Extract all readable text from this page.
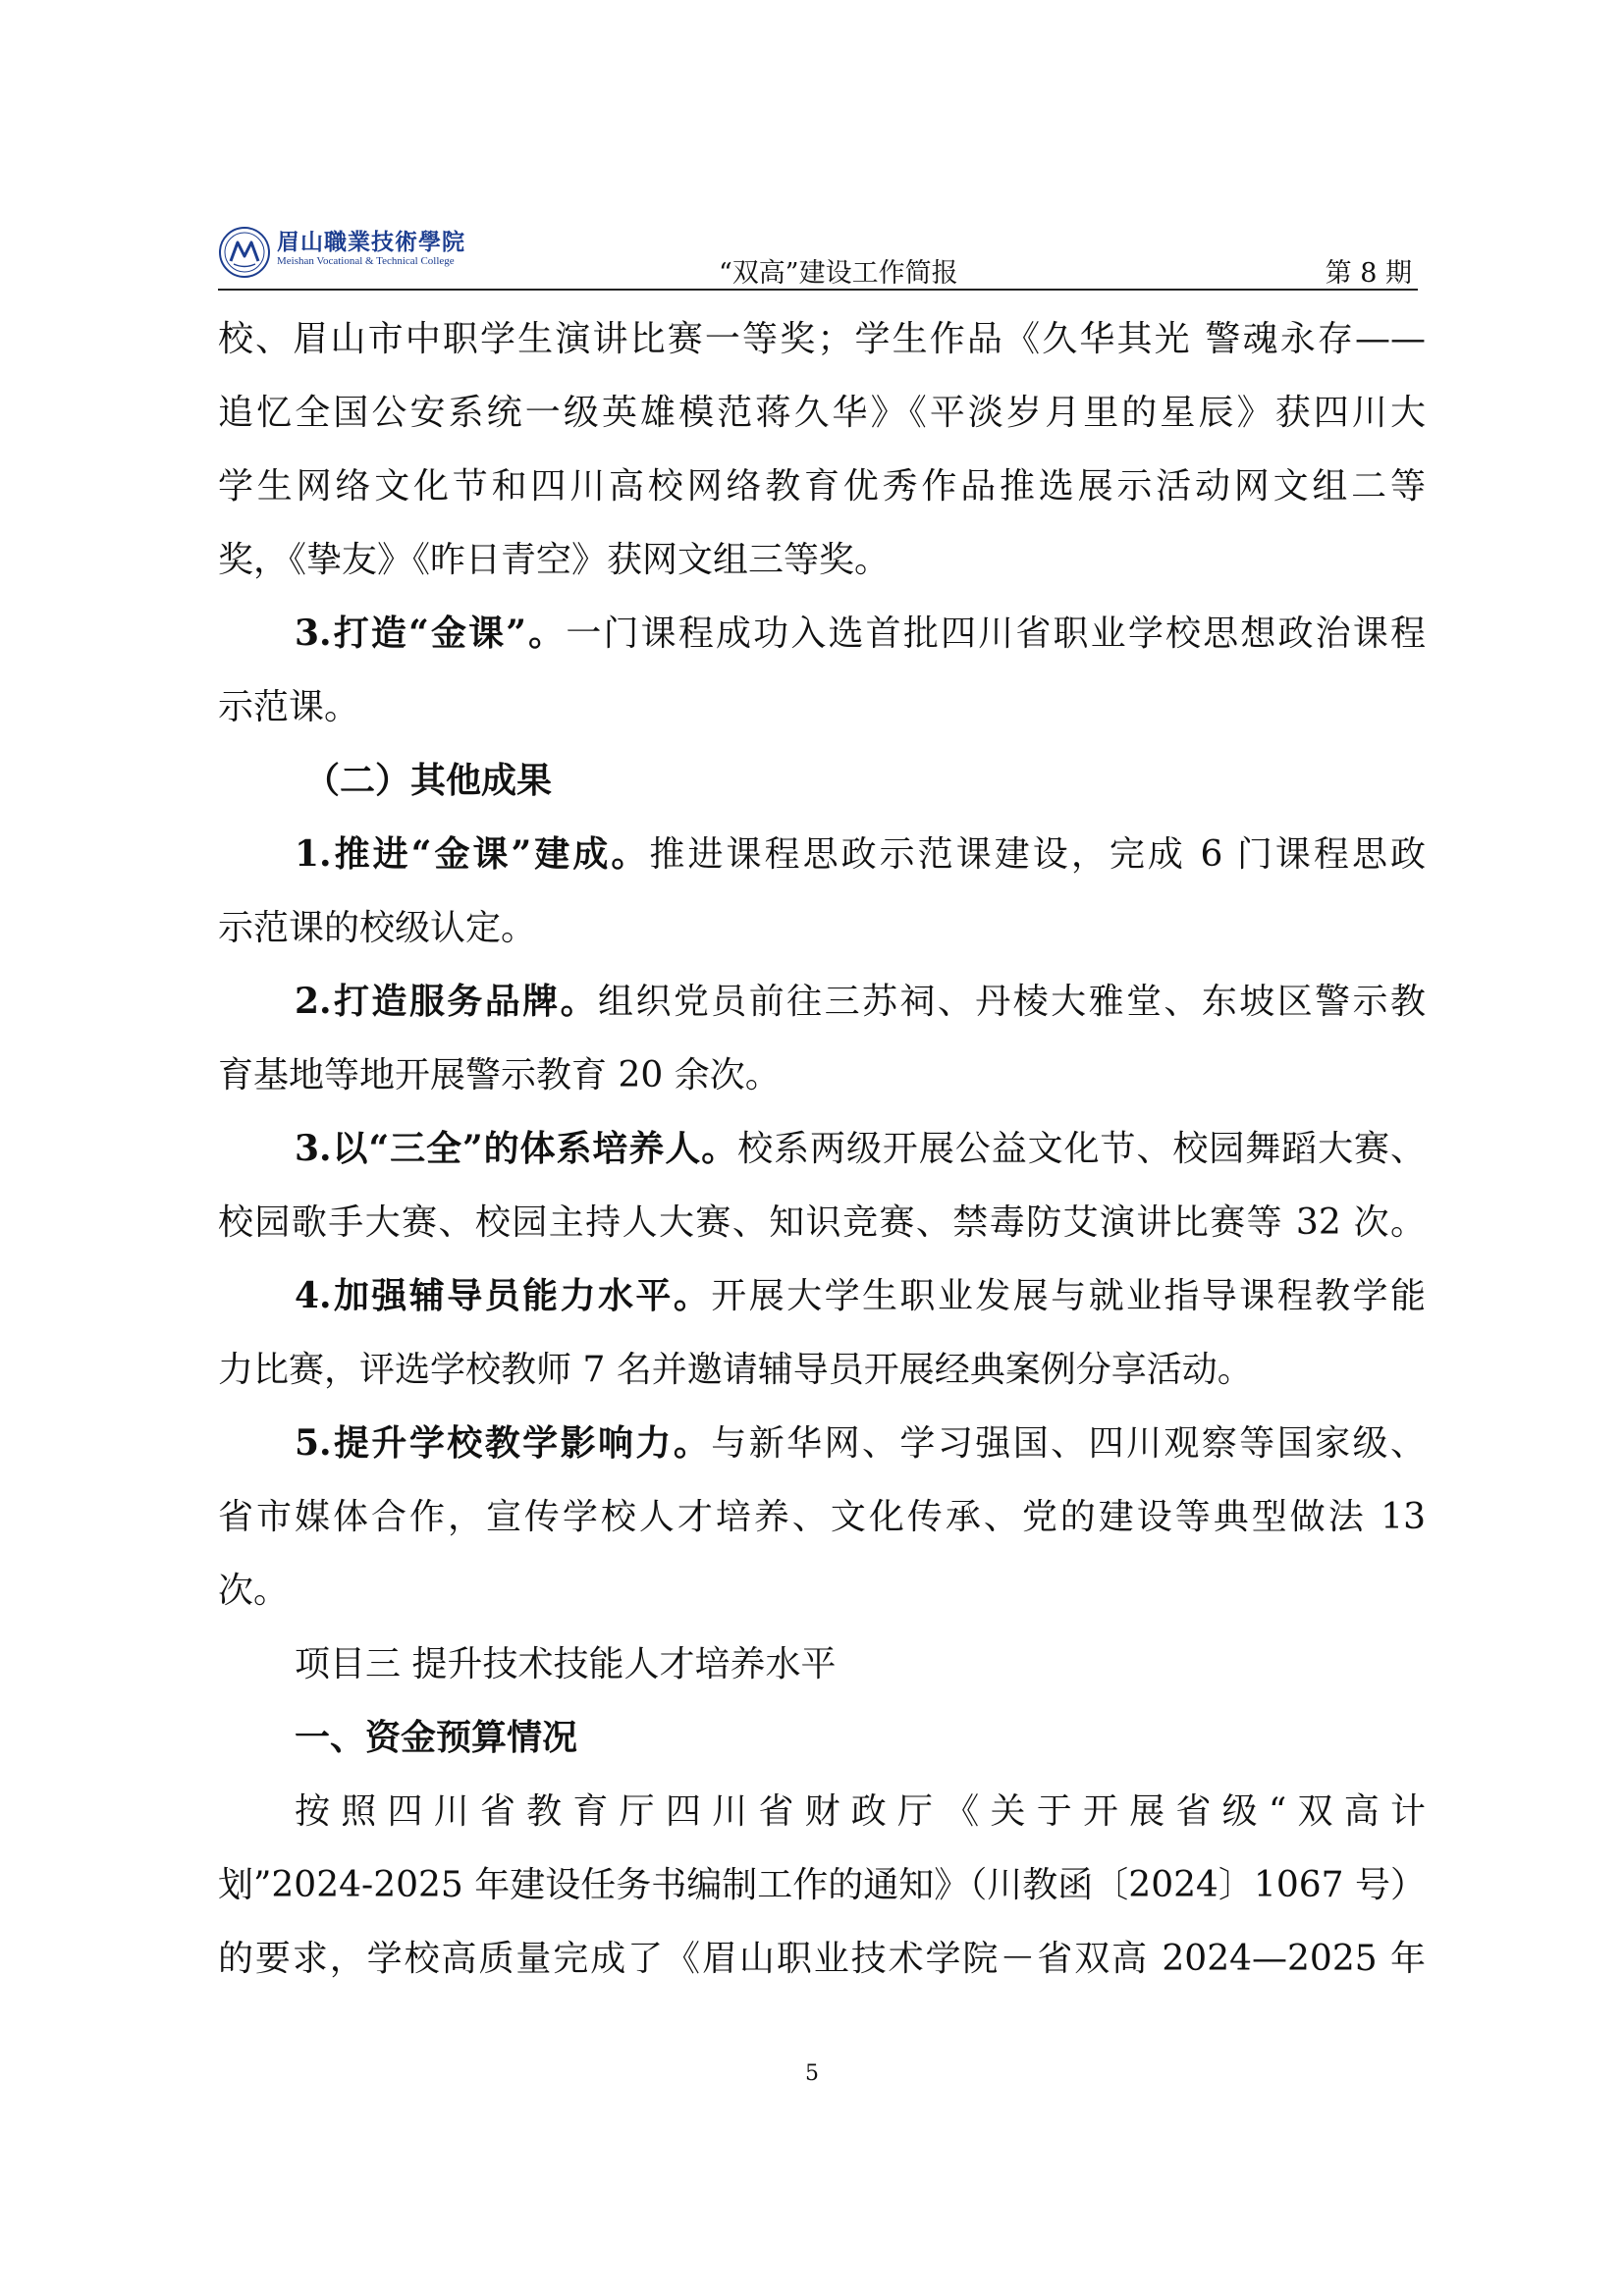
眉山職業技術學院
Meishan Vocational & Technical College	“双高”建设工作简报	第 8 期
校、眉山市中职学生演讲比赛一等奖；学生作品《久华其光 警魂永存——
追忆全国公安系统一级英雄模范蒋久华》《平淡岁月里的星辰》获四川大
学生网络文化节和四川高校网络教育优秀作品推选展示活动网文组二等
奖，《挚友》《昨日青空》获网文组三等奖。
3.打造“金课”。一门课程成功入选首批四川省职业学校思想政治课程
示范课。
（二）其他成果
1.推进“金课”建成。推进课程思政示范课建设，完成 6 门课程思政
示范课的校级认定。
2.打造服务品牌。组织党员前往三苏祠、丹棱大雅堂、东坡区警示教
育基地等地开展警示教育 20 余次。
3.以“三全”的体系培养人。校系两级开展公益文化节、校园舞蹈大赛、
校园歌手大赛、校园主持人大赛、知识竞赛、禁毒防艾演讲比赛等 32 次。
4.加强辅导员能力水平。开展大学生职业发展与就业指导课程教学能
力比赛，评选学校教师 7 名并邀请辅导员开展经典案例分享活动。
5.提升学校教学影响力。与新华网、学习强国、四川观察等国家级、
省市媒体合作，宣传学校人才培养、文化传承、党的建设等典型做法 13
次。
项目三 提升技术技能人才培养水平
一、资金预算情况
按照四川省教育厅四川省财政厅《关于开展省级“双高计
划”2024-2025 年建设任务书编制工作的通知》（川教函〔2024〕1067 号）
的要求，学校高质量完成了《眉山职业技术学院－省双高 2024—2025 年
5
